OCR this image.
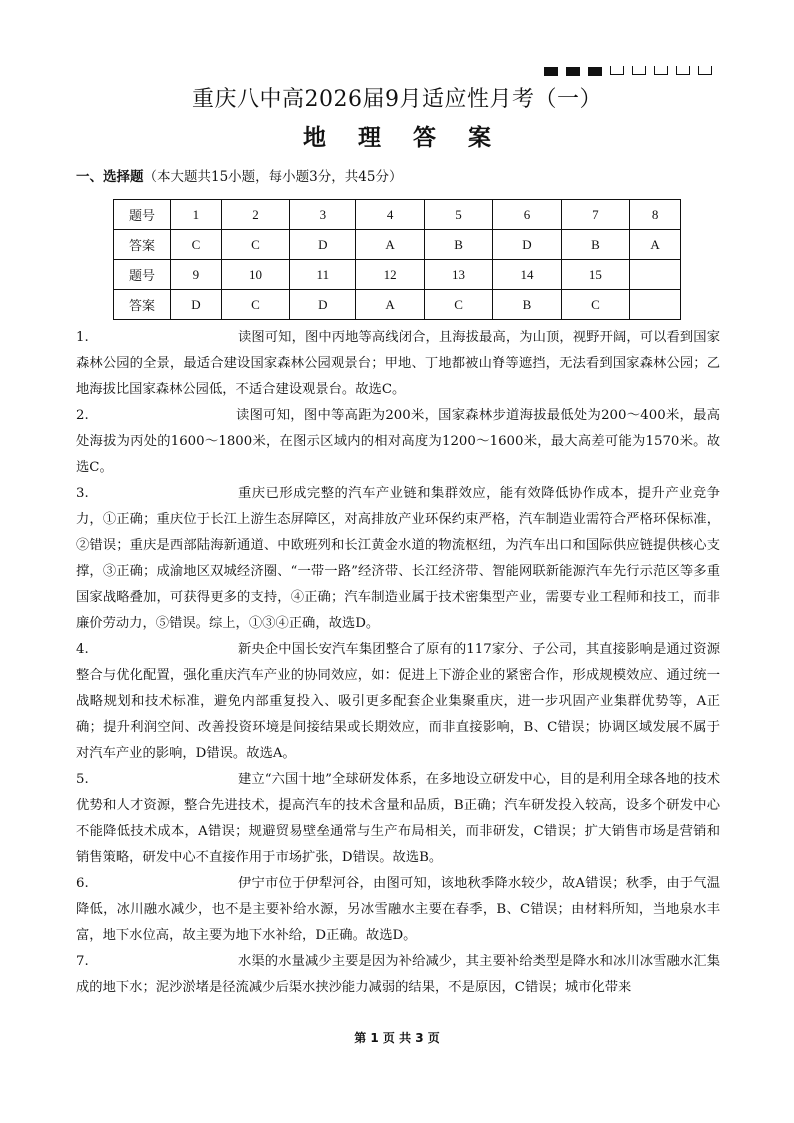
重庆八中高2026届9月适应性月考（一）
地 理 答 案
一、选择题（本大题共15小题，每小题3分，共45分）
题号	1	2	3	4	5	6	7	8
答案	C	C	D	A	B	D	B	A
题号	9	10	11	12	13	14	15	
答案	D	C	D	A	C	B	C	
1.	读图可知，图中丙地等高线闭合，且海拔最高，为山顶，视野开阔，可以看到国家森林公园的全景，最适合建设国家森林公园观景台；甲地、丁地都被山脊等遮挡，无法看到国家森林公园；乙地海拔比国家森林公园低，不适合建设观景台。故选C。
2.	读图可知，图中等高距为200米，国家森林步道海拔最低处为200～400米，最高处海拔为丙处的1600～1800米，在图示区域内的相对高度为1200～1600米，最大高差可能为1570米。故选C。
3.	重庆已形成完整的汽车产业链和集群效应，能有效降低协作成本，提升产业竞争力，①正确；重庆位于长江上游生态屏障区，对高排放产业环保约束严格，汽车制造业需符合严格环保标准，②错误；重庆是西部陆海新通道、中欧班列和长江黄金水道的物流枢纽，为汽车出口和国际供应链提供核心支撑，③正确；成渝地区双城经济圈、“一带一路”经济带、长江经济带、智能网联新能源汽车先行示范区等多重国家战略叠加，可获得更多的支持，④正确；汽车制造业属于技术密集型产业，需要专业工程师和技工，而非廉价劳动力，⑤错误。综上，①③④正确，故选D。
4.	新央企中国长安汽车集团整合了原有的117家分、子公司，其直接影响是通过资源整合与优化配置，强化重庆汽车产业的协同效应，如：促进上下游企业的紧密合作，形成规模效应、通过统一战略规划和技术标准，避免内部重复投入、吸引更多配套企业集聚重庆，进一步巩固产业集群优势等，A正确；提升利润空间、改善投资环境是间接结果或长期效应，而非直接影响，B、C错误；协调区域发展不属于对汽车产业的影响，D错误。故选A。
5.	建立“六国十地”全球研发体系，在多地设立研发中心，目的是利用全球各地的技术优势和人才资源，整合先进技术，提高汽车的技术含量和品质，B正确；汽车研发投入较高，设多个研发中心不能降低技术成本，A错误；规避贸易壁垒通常与生产布局相关，而非研发，C错误；扩大销售市场是营销和销售策略，研发中心不直接作用于市场扩张，D错误。故选B。
6.	伊宁市位于伊犁河谷，由图可知，该地秋季降水较少，故A错误；秋季，由于气温降低，冰川融水减少，也不是主要补给水源，另冰雪融水主要在春季，B、C错误；由材料所知，当地泉水丰富，地下水位高，故主要为地下水补给，D正确。故选D。
7.	水渠的水量减少主要是因为补给减少，其主要补给类型是降水和冰川冰雪融水汇集成的地下水；泥沙淤堵是径流减少后渠水挟沙能力减弱的结果，不是原因，C错误；城市化带来
第 1 页 共 3 页
